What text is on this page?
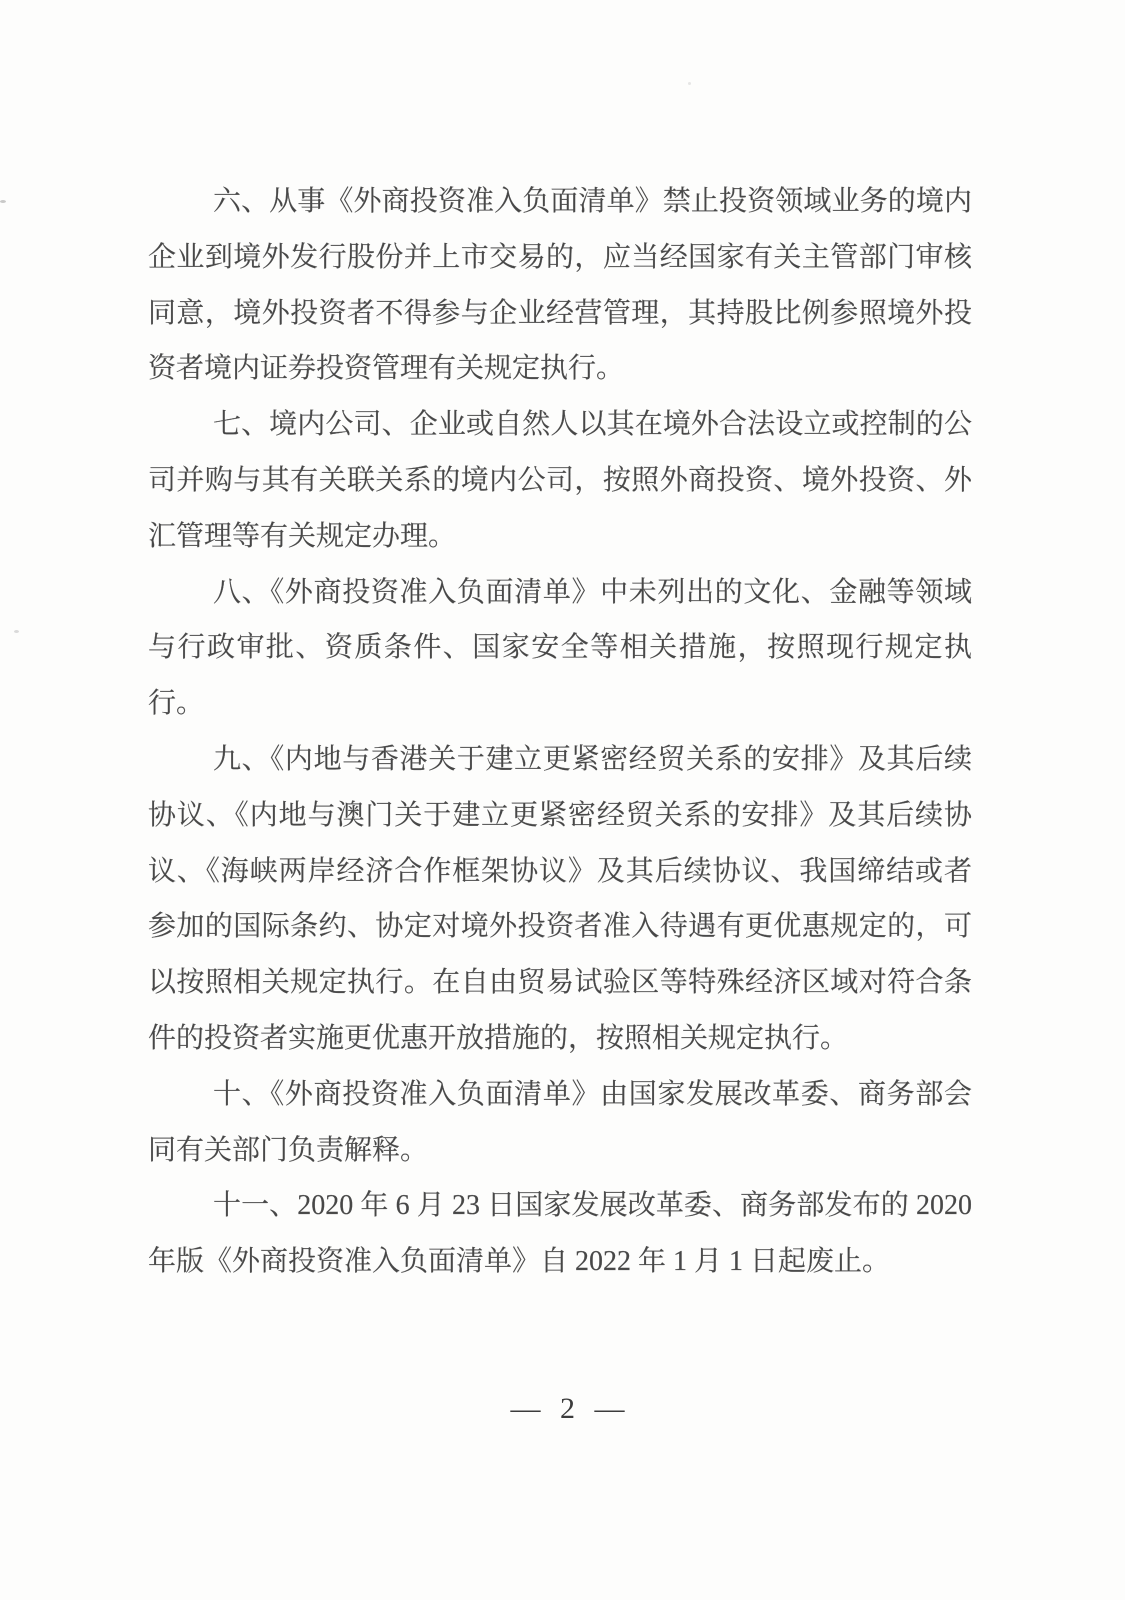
六、从事《外商投资准入负面清单》禁止投资领域业务的境内企业到境外发行股份并上市交易的，应当经国家有关主管部门审核同意，境外投资者不得参与企业经营管理，其持股比例参照境外投资者境内证券投资管理有关规定执行。

七、境内公司、企业或自然人以其在境外合法设立或控制的公司并购与其有关联关系的境内公司，按照外商投资、境外投资、外汇管理等有关规定办理。

八、《外商投资准入负面清单》中未列出的文化、金融等领域与行政审批、资质条件、国家安全等相关措施，按照现行规定执行。

九、《内地与香港关于建立更紧密经贸关系的安排》及其后续协议、《内地与澳门关于建立更紧密经贸关系的安排》及其后续协议、《海峡两岸经济合作框架协议》及其后续协议、我国缔结或者参加的国际条约、协定对境外投资者准入待遇有更优惠规定的，可以按照相关规定执行。在自由贸易试验区等特殊经济区域对符合条件的投资者实施更优惠开放措施的，按照相关规定执行。

十、《外商投资准入负面清单》由国家发展改革委、商务部会同有关部门负责解释。

十一、2020 年 6 月 23 日国家发展改革委、商务部发布的 2020 年版《外商投资准入负面清单》自 2022 年 1 月 1 日起废止。

— 2 —
